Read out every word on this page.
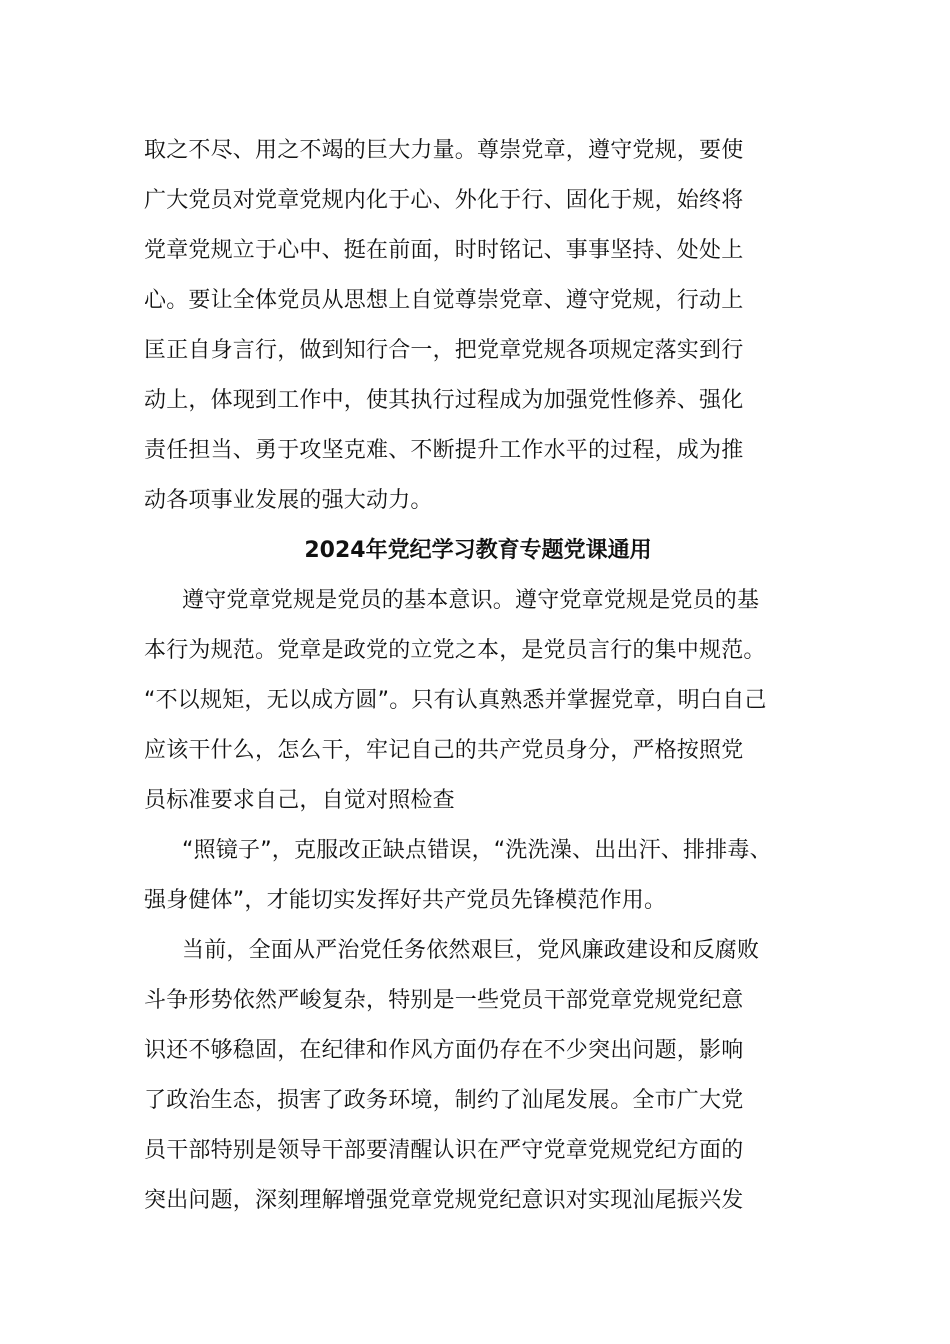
取之不尽、用之不竭的巨大力量。尊崇党章，遵守党规，要使
广大党员对党章党规内化于心、外化于行、固化于规，始终将
党章党规立于心中、挺在前面，时时铭记、事事坚持、处处上
心。要让全体党员从思想上自觉尊崇党章、遵守党规，行动上
匡正自身言行，做到知行合一，把党章党规各项规定落实到行
动上，体现到工作中，使其执行过程成为加强党性修养、强化
责任担当、勇于攻坚克难、不断提升工作水平的过程，成为推
动各项事业发展的强大动力。
2024年党纪学习教育专题党课通用
遵守党章党规是党员的基本意识。遵守党章党规是党员的基
本行为规范。党章是政党的立党之本，是党员言行的集中规范。
“不以规矩，无以成方圆”。只有认真熟悉并掌握党章，明白自己
应该干什么，怎么干，牢记自己的共产党员身分，严格按照党
员标准要求自己，自觉对照检查
“照镜子”，克服改正缺点错误，“洗洗澡、出出汗、排排毒、
强身健体”，才能切实发挥好共产党员先锋模范作用。
当前，全面从严治党任务依然艰巨，党风廉政建设和反腐败
斗争形势依然严峻复杂，特别是一些党员干部党章党规党纪意
识还不够稳固，在纪律和作风方面仍存在不少突出问题，影响
了政治生态，损害了政务环境，制约了汕尾发展。全市广大党
员干部特别是领导干部要清醒认识在严守党章党规党纪方面的
突出问题，深刻理解增强党章党规党纪意识对实现汕尾振兴发
